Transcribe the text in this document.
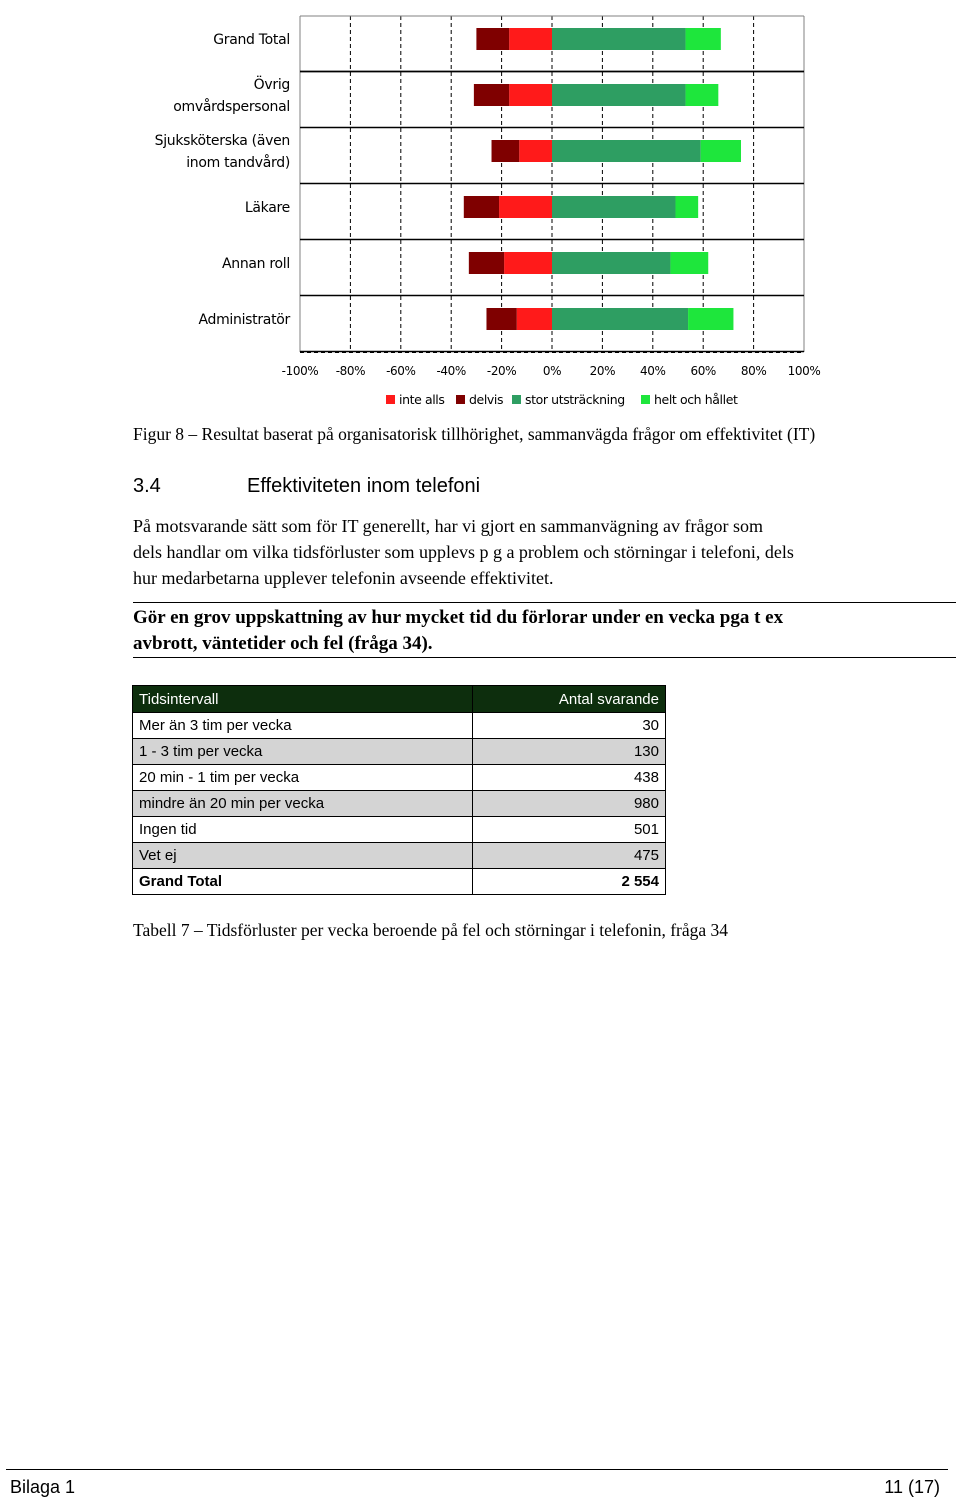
-100% -80% -60% -40% -20% 0% 20% 40% 60% 80% 100%
Grand Total
Övrig
omvårdspersonal
Sjuksköterska (även
inom tandvård)
Läkare
Annan roll
Administratör
inte alls delvis stor utsträckning helt och hållet
Figur 8 – Resultat baserat på organisatorisk tillhörighet, sammanvägda frågor om effektivitet (IT)
3.4	Effektiviteten inom telefoni
På motsvarande sätt som för IT generellt, har vi gjort en sammanvägning av frågor som
dels handlar om vilka tidsförluster som upplevs p g a problem och störningar i telefoni, dels
hur medarbetarna upplever telefonin avseende effektivitet.
Gör en grov uppskattning av hur mycket tid du förlorar under en vecka pga t ex
avbrott, väntetider och fel (fråga 34).
Tidsintervall	Antal svarande
Mer än 3 tim per vecka	30
1 - 3 tim per vecka	130
20 min - 1 tim per vecka	438
mindre än 20 min per vecka	980
Ingen tid	501
Vet ej	475
Grand Total	2 554
Tabell 7 – Tidsförluster per vecka beroende på fel och störningar i telefonin, fråga 34
Bilaga 1	11 (17)
